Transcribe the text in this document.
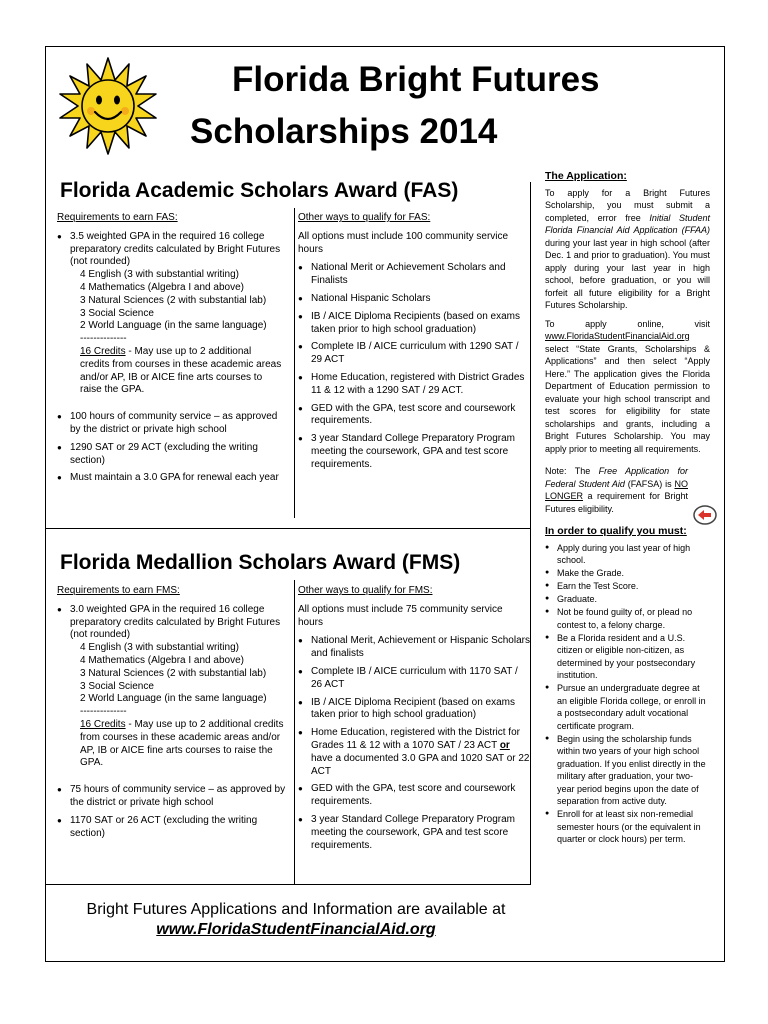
Florida Bright Futures
Scholarships 2014
Florida Academic Scholars Award (FAS)
Requirements to earn FAS:
● 3.5 weighted GPA in the required 16 college preparatory credits calculated by Bright Futures (not rounded)
4 English (3 with substantial writing)
4 Mathematics (Algebra I and above)
3 Natural Sciences (2 with substantial lab)
3 Social Science
2 World Language (in the same language)
--------------
16 Credits - May use up to 2 additional credits from courses in these academic areas and/or AP, IB or AICE fine arts courses to raise the GPA.
● 100 hours of community service – as approved by the district or private high school
● 1290 SAT or 29 ACT (excluding the writing section)
● Must maintain a 3.0 GPA for renewal each year
Other ways to qualify for FAS:

All options must include 100 community service hours

● National Merit or Achievement Scholars and Finalists
● National Hispanic Scholars
● IB / AICE Diploma Recipients (based on exams taken prior to high school graduation)
● Complete IB / AICE curriculum with 1290 SAT / 29 ACT
● Home Education, registered with District Grades 11 & 12 with a 1290 SAT / 29 ACT.
● GED with the GPA, test score and coursework requirements.
● 3 year Standard College Preparatory Program meeting the coursework, GPA and test score requirements.
Florida Medallion Scholars Award (FMS)
Requirements to earn FMS:
● 3.0 weighted GPA in the required 16 college preparatory credits calculated by Bright Futures (not rounded)
4 English (3 with substantial writing)
4 Mathematics (Algebra I and above)
3 Natural Sciences (2 with substantial lab)
3 Social Science
2 World Language (in the same language)
--------------
16 Credits - May use up to 2 additional credits from courses in these academic areas and/or AP, IB or AICE fine arts courses to raise the GPA.
● 75 hours of community service – as approved by the district or private high school
● 1170 SAT or 26 ACT (excluding the writing section)
Other ways to qualify for FMS:

All options must include 75 community service hours

● National Merit, Achievement or Hispanic Scholars and finalists
● Complete IB / AICE curriculum with 1170 SAT / 26 ACT
● IB / AICE Diploma Recipient (based on exams taken prior to high school graduation)
● Home Education, registered with the District for Grades 11 & 12 with a 1070 SAT / 23 ACT or have a documented 3.0 GPA and 1020 SAT or 22 ACT
● GED with the GPA, test score and coursework requirements.
● 3 year Standard College Preparatory Program meeting the coursework, GPA and test score requirements.
The Application:

To apply for a Bright Futures Scholarship, you must submit a completed, error free Initial Student Florida Financial Aid Application (FFAA) during your last year in high school (after Dec. 1 and prior to graduation). You must apply during your last year in high school, before graduation, or you will forfeit all future eligibility for a Bright Futures Scholarship.

To apply online, visit www.FloridaStudentFinancialAid.org select “State Grants, Scholarships & Applications” and then select “Apply Here.” The application gives the Florida Department of Education permission to evaluate your high school transcript and test scores for eligibility for state scholarships and grants, including a Bright Futures Scholarship. You may apply prior to meeting all requirements.

Note: The Free Application for Federal Student Aid (FAFSA) is NO LONGER a requirement for Bright Futures eligibility.

In order to qualify you must:
● Apply during you last year of high school.
● Make the Grade.
● Earn the Test Score.
● Graduate.
● Not be found guilty of, or plead no contest to, a felony charge.
● Be a Florida resident and a U.S. citizen or eligible non-citizen, as determined by your postsecondary institution.
● Pursue an undergraduate degree at an eligible Florida college, or enroll in a postsecondary adult vocational certificate program.
● Begin using the scholarship funds within two years of your high school graduation. If you enlist directly in the military after graduation, your two-year period begins upon the date of separation from active duty.
● Enroll for at least six non-remedial semester hours (or the equivalent in quarter or clock hours) per term.
Bright Futures Applications and Information are available at
www.FloridaStudentFinancialAid.org
